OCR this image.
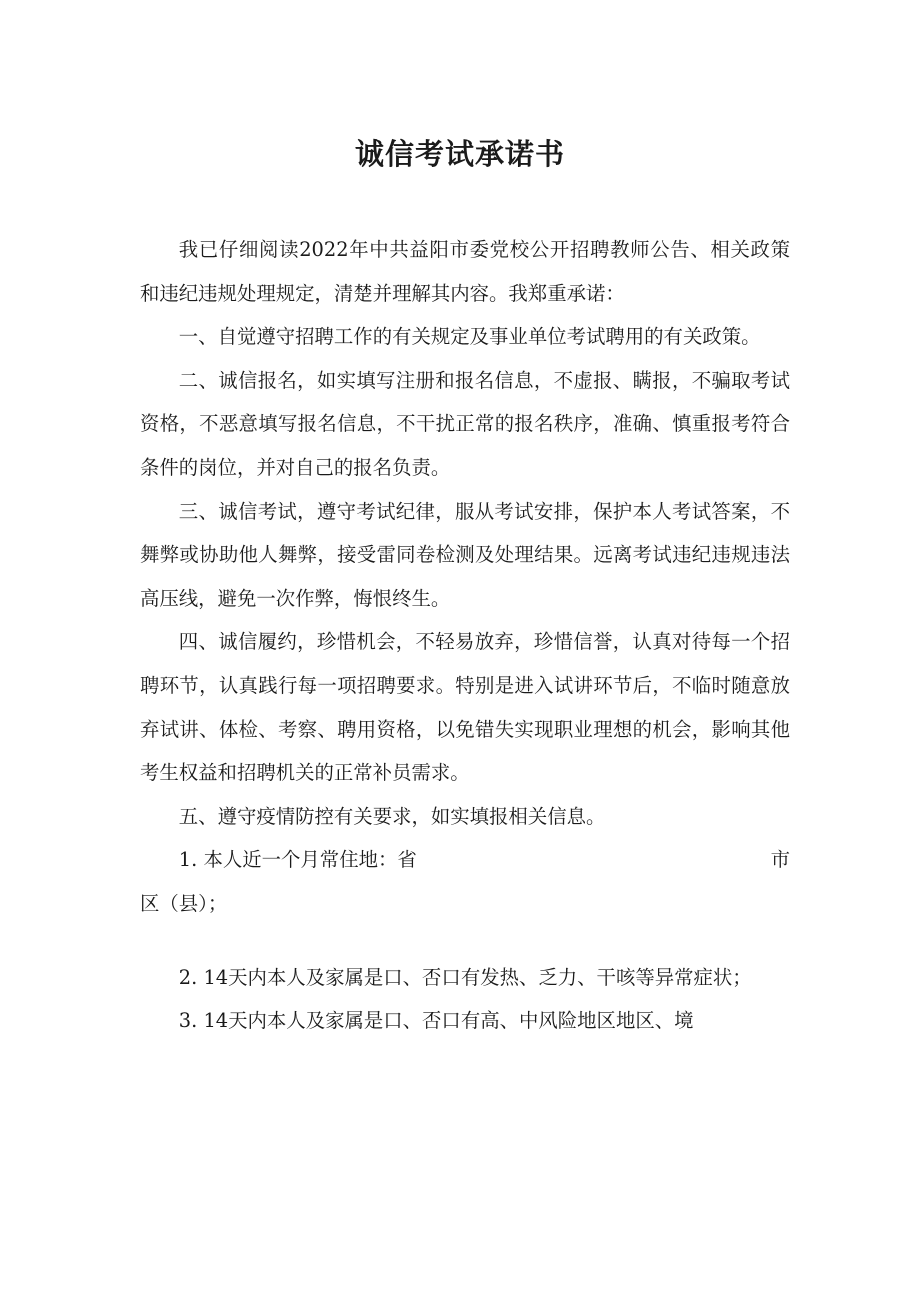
诚信考试承诺书

我已仔细阅读2022年中共益阳市委党校公开招聘教师公告、相关政策和违纪违规处理规定，清楚并理解其内容。我郑重承诺：

一、自觉遵守招聘工作的有关规定及事业单位考试聘用的有关政策。

二、诚信报名，如实填写注册和报名信息，不虚报、瞒报，不骗取考试资格，不恶意填写报名信息，不干扰正常的报名秩序，准确、慎重报考符合条件的岗位，并对自己的报名负责。

三、诚信考试，遵守考试纪律，服从考试安排，保护本人考试答案，不舞弊或协助他人舞弊，接受雷同卷检测及处理结果。远离考试违纪违规违法高压线，避免一次作弊，悔恨终生。

四、诚信履约，珍惜机会，不轻易放弃，珍惜信誉，认真对待每一个招聘环节，认真践行每一项招聘要求。特别是进入试讲环节后，不临时随意放弃试讲、体检、考察、聘用资格，以免错失实现职业理想的机会，影响其他考生权益和招聘机关的正常补员需求。

五、遵守疫情防控有关要求，如实填报相关信息。

1. 本人近一个月常住地：省	市

区（县）；

2. 14天内本人及家属是口、否口有发热、乏力、干咳等异常症状；

3. 14天内本人及家属是口、否口有高、中风险地区地区、境
